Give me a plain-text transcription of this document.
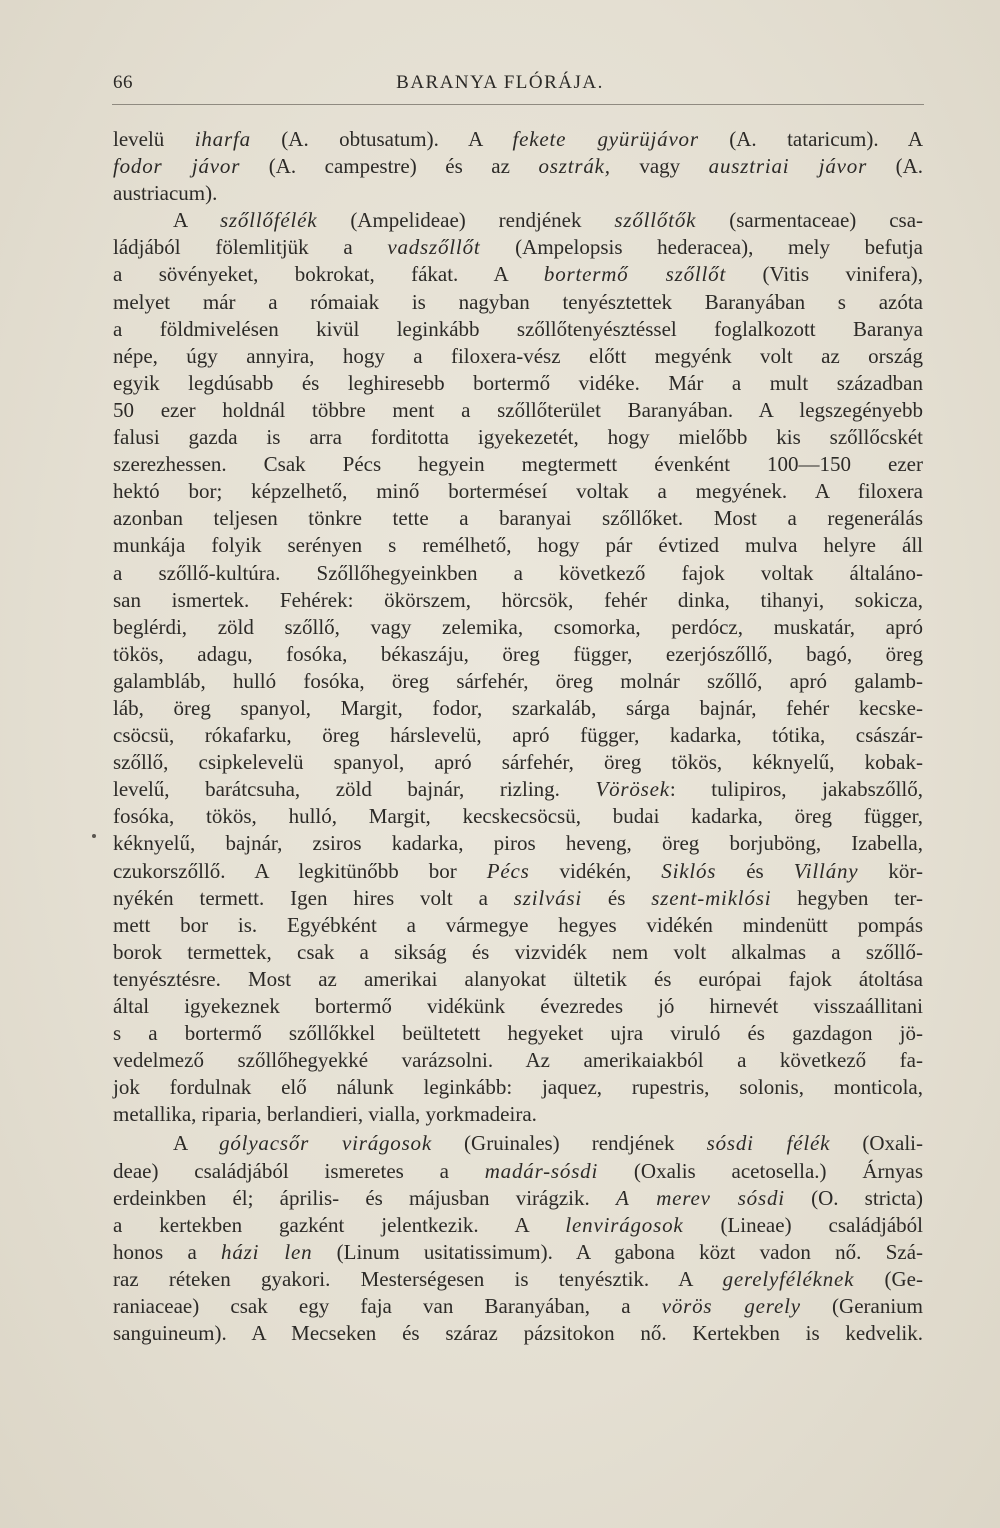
66	BARANYA FLÓRÁJA.
levelü iharfa (A. obtusatum). A fekete gyürüjávor (A. tataricum). A
fodor jávor (A. campestre) és az osztrák, vagy ausztriai jávor (A.
austriacum).
A szőllőfélék (Ampelideae) rendjének szőllőtők (sarmentaceae) csa-
ládjából fölemlitjük a vadszőllőt (Ampelopsis hederacea), mely befutja
a sövényeket, bokrokat, fákat. A bortermő szőllőt (Vitis vinifera),
melyet már a rómaiak is nagyban tenyésztettek Baranyában s azóta
a földmivelésen kivül leginkább szőllőtenyésztéssel foglalkozott Baranya
népe, úgy annyira, hogy a filoxera-vész előtt megyénk volt az ország
egyik legdúsabb és leghiresebb bortermő vidéke. Már a mult században
50 ezer holdnál többre ment a szőllőterület Baranyában. A legszegényebb
falusi gazda is arra forditotta igyekezetét, hogy mielőbb kis szőllőcskét
szerezhessen. Csak Pécs hegyein megtermett évenként 100—150 ezer
hektó bor; képzelhető, minő borterméseí voltak a megyének. A filoxera
azonban teljesen tönkre tette a baranyai szőllőket. Most a regenerálás
munkája folyik serényen s remélhető, hogy pár évtized mulva helyre áll
a szőllő-kultúra. Szőllőhegyeinkben a következő fajok voltak általáno-
san ismertek. Fehérek: ökörszem, hörcsök, fehér dinka, tihanyi, sokicza,
beglérdi, zöld szőllő, vagy zelemika, csomorka, perdócz, muskatár, apró
tökös, adagu, fosóka, békaszáju, öreg függer, ezerjószőllő, bagó, öreg
galambláb, hulló fosóka, öreg sárfehér, öreg molnár szőllő, apró galamb-
láb, öreg spanyol, Margit, fodor, szarkaláb, sárga bajnár, fehér kecske-
csöcsü, rókafarku, öreg hárslevelü, apró függer, kadarka, tótika, császár-
szőllő, csipkelevelü spanyol, apró sárfehér, öreg tökös, kéknyelű, kobak-
levelű, barátcsuha, zöld bajnár, rizling. Vörösek: tulipiros, jakabszőllő,
fosóka, tökös, hulló, Margit, kecskecsöcsü, budai kadarka, öreg függer,
kéknyelű, bajnár, zsiros kadarka, piros heveng, öreg borjuböng, Izabella,
czukorszőllő. A legkitünőbb bor Pécs vidékén, Siklós és Villány kör-
nyékén termett. Igen hires volt a szilvási és szent-miklósi hegyben ter-
mett bor is. Egyébként a vármegye hegyes vidékén mindenütt pompás
borok termettek, csak a sikság és vizvidék nem volt alkalmas a szőllő-
tenyésztésre. Most az amerikai alanyokat ültetik és európai fajok átoltása
által igyekeznek bortermő vidékünk évezredes jó hirnevét visszaállitani
s a bortermő szőllőkkel beültetett hegyeket ujra viruló és gazdagon jö-
vedelmező szőllőhegyekké varázsolni. Az amerikaiakból a következő fa-
jok fordulnak elő nálunk leginkább: jaquez, rupestris, solonis, monticola,
metallika, riparia, berlandieri, vialla, yorkmadeira.
A gólyacsőr virágosok (Gruinales) rendjének sósdi félék (Oxali-
deae) családjából ismeretes a madár-sósdi (Oxalis acetosella.) Árnyas
erdeinkben él; április- és májusban virágzik. A merev sósdi (O. stricta)
a kertekben gazként jelentkezik. A lenvirágosok (Lineae) családjából
honos a házi len (Linum usitatissimum). A gabona közt vadon nő. Szá-
raz réteken gyakori. Mesterségesen is tenyésztik. A gerelyféléknek (Ge-
raniaceae) csak egy faja van Baranyában, a vörös gerely (Geranium
sanguineum). A Mecseken és száraz pázsitokon nő. Kertekben is kedvelik.
